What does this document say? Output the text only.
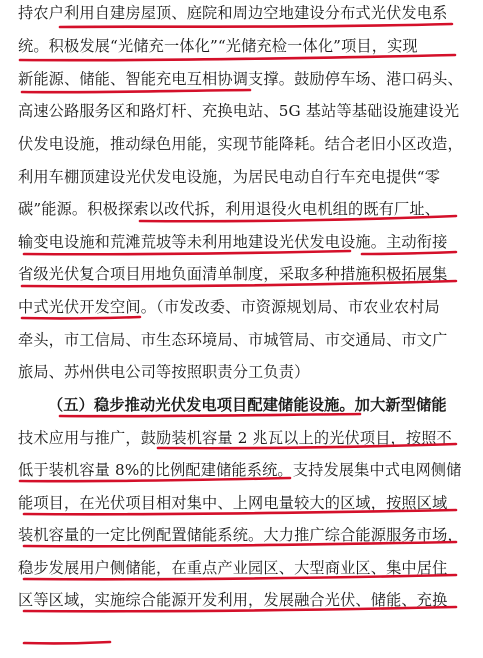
持农户利用自建房屋顶、庭院和周边空地建设分布式光伏发电系
统。积极发展“光储充一体化”“光储充检一体化”项目，实现
新能源、储能、智能充电互相协调支撑。鼓励停车场、港口码头、
高速公路服务区和路灯杆、充换电站、5G 基站等基础设施建设光
伏发电设施，推动绿色用能，实现节能降耗。结合老旧小区改造，
利用车棚顶建设光伏发电设施，为居民电动自行车充电提供“零
碳”能源。积极探索以改代拆，利用退役火电机组的既有厂址、
输变电设施和荒滩荒坡等未利用地建设光伏发电设施。主动衔接
省级光伏复合项目用地负面清单制度，采取多种措施积极拓展集
中式光伏开发空间。（市发改委、市资源规划局、市农业农村局
牵头，市工信局、市生态环境局、市城管局、市交通局、市文广
旅局、苏州供电公司等按照职责分工负责）
（五）稳步推动光伏发电项目配建储能设施。加大新型储能
技术应用与推广，鼓励装机容量 2 兆瓦以上的光伏项目，按照不
低于装机容量 8%的比例配建储能系统。支持发展集中式电网侧储
能项目，在光伏项目相对集中、上网电量较大的区域，按照区域
装机容量的一定比例配置储能系统。大力推广综合能源服务市场，
稳步发展用户侧储能，在重点产业园区、大型商业区、集中居住
区等区域，实施综合能源开发利用，发展融合光伏、储能、充换
